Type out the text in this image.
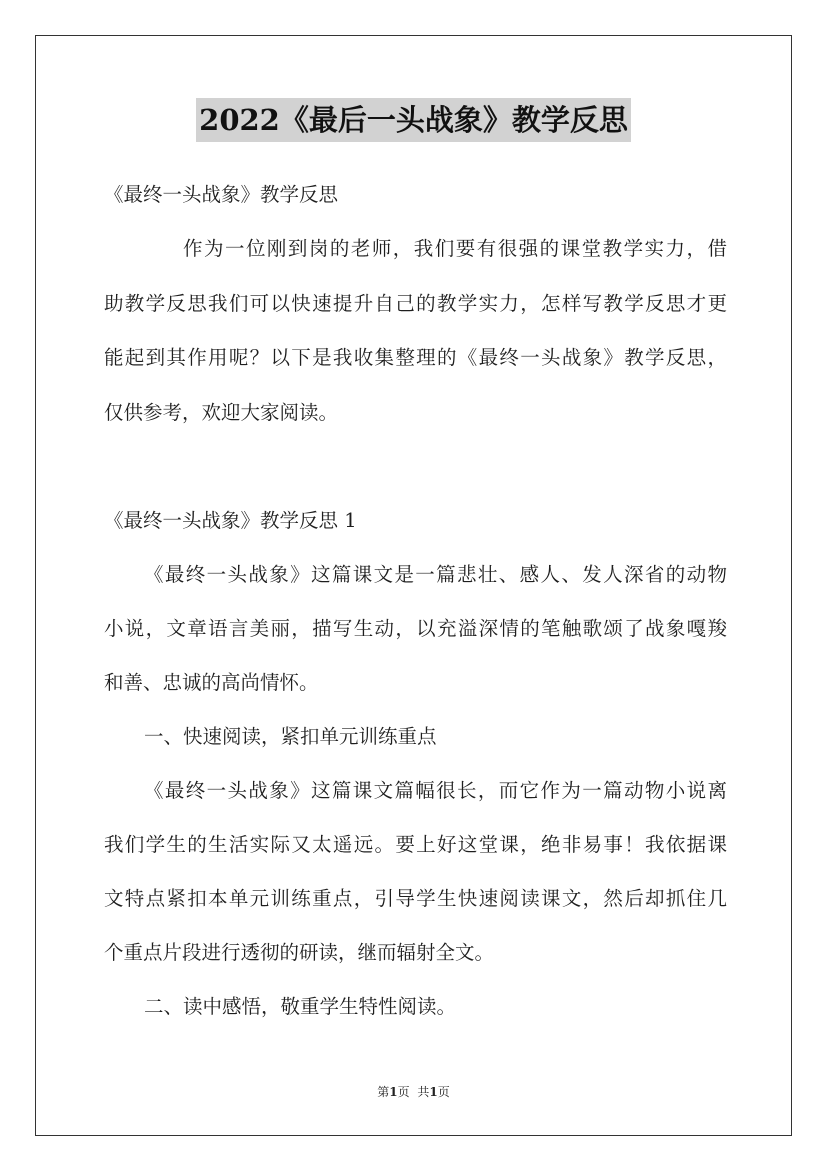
2022《最后一头战象》教学反思
《最终一头战象》教学反思
作为一位刚到岗的老师，我们要有很强的课堂教学实力，借
助教学反思我们可以快速提升自己的教学实力，怎样写教学反思才更
能起到其作用呢？以下是我收集整理的《最终一头战象》教学反思，
仅供参考，欢迎大家阅读。
《最终一头战象》教学反思 1
《最终一头战象》这篇课文是一篇悲壮、感人、发人深省的动物
小说，文章语言美丽，描写生动，以充溢深情的笔触歌颂了战象嘎羧
和善、忠诚的高尚情怀。
一、快速阅读，紧扣单元训练重点
《最终一头战象》这篇课文篇幅很长，而它作为一篇动物小说离
我们学生的生活实际又太遥远。要上好这堂课，绝非易事！我依据课
文特点紧扣本单元训练重点，引导学生快速阅读课文，然后却抓住几
个重点片段进行透彻的研读，继而辐射全文。
二、读中感悟，敬重学生特性阅读。
第1页 共1页
